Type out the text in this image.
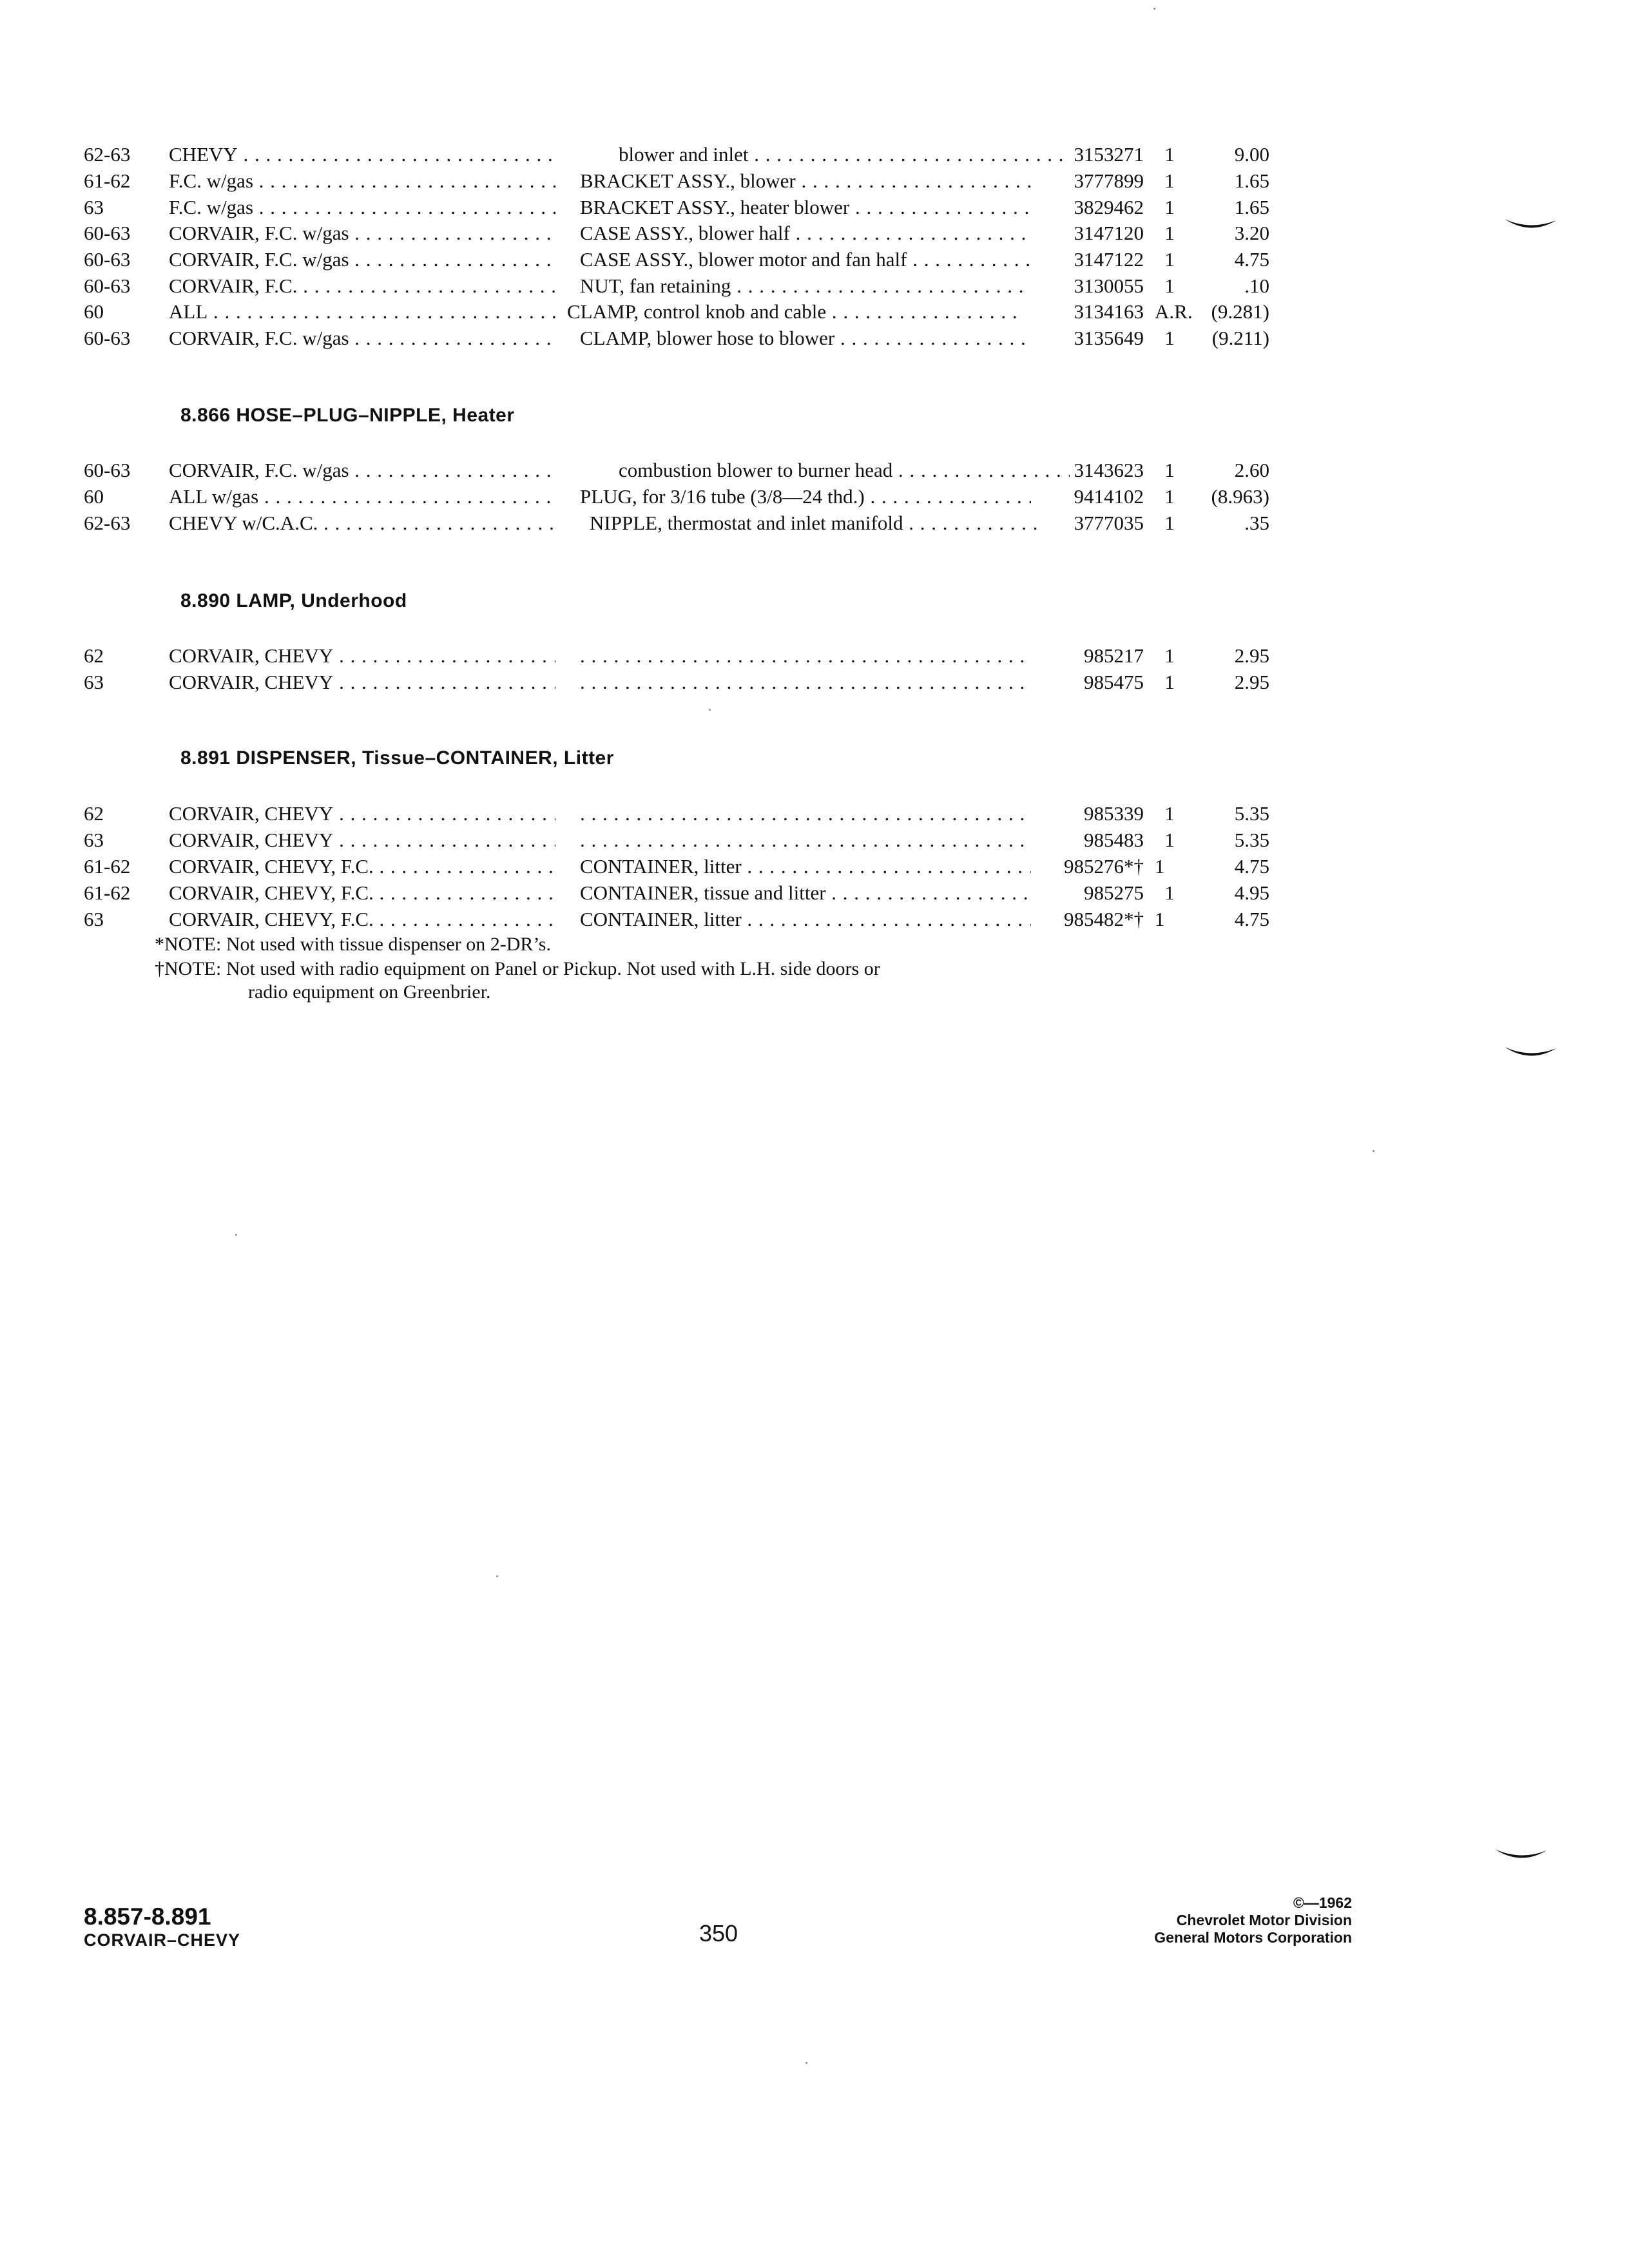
62-63 CHEVY . . .	blower and inlet . . .	3153271	1	9.00
61-62 F.C. w/gas . . .	BRACKET ASSY., blower . . .	3777899	1	1.65
63	F.C. w/gas . . .	BRACKET ASSY., heater blower . . .	3829462	1	1.65
60-63 CORVAIR, F.C. w/gas . . .	CASE ASSY., blower half . . .	3147120	1	3.20
60-63 CORVAIR, F.C. w/gas . . .	CASE ASSY., blower motor and fan half . . .	3147122	1	4.75
60-63 CORVAIR, F.C. . . .	NUT, fan retaining . . .	3130055	1	.10
60	ALL . . .	CLAMP, control knob and cable . . .	3134163 A.R. (9.281)
60-63 CORVAIR, F.C. w/gas . . .	CLAMP, blower hose to blower . . .	3135649	1	(9.211)
8.866 HOSE–PLUG–NIPPLE, Heater
60-63 CORVAIR, F.C. w/gas . . .	combustion blower to burner head . . .	3143623	1	2.60
60	ALL w/gas . . .	PLUG, for 3/16 tube (3/8—24 thd.) . . .	9414102	1	(8.963)
62-63 CHEVY w/C.A.C. . . .	NIPPLE, thermostat and inlet manifold . . .	3777035	1	.35
8.890 LAMP, Underhood
62	CORVAIR, CHEVY . . . . . .	985217	1	2.95
63	CORVAIR, CHEVY . . . . . .	985475	1	2.95
8.891 DISPENSER, Tissue–CONTAINER, Litter
62	CORVAIR, CHEVY . . . . . .	985339	1	5.35
63	CORVAIR, CHEVY . . . . . .	985483	1	5.35
61-62 CORVAIR, CHEVY, F.C. . . .	CONTAINER, litter . . .	985276*† 1	4.75
61-62 CORVAIR, CHEVY, F.C. . . .	CONTAINER, tissue and litter . . .	985275	1	4.95
63	CORVAIR, CHEVY, F.C. . . .	CONTAINER, litter . . .	985482*† 1	4.75
*NOTE: Not used with tissue dispenser on 2-DR’s.
†NOTE: Not used with radio equipment on Panel or Pickup. Not used with L.H. side doors or
radio equipment on Greenbrier.
8.857-8.891
CORVAIR–CHEVY	350
©—1962
Chevrolet Motor Division
General Motors Corporation
